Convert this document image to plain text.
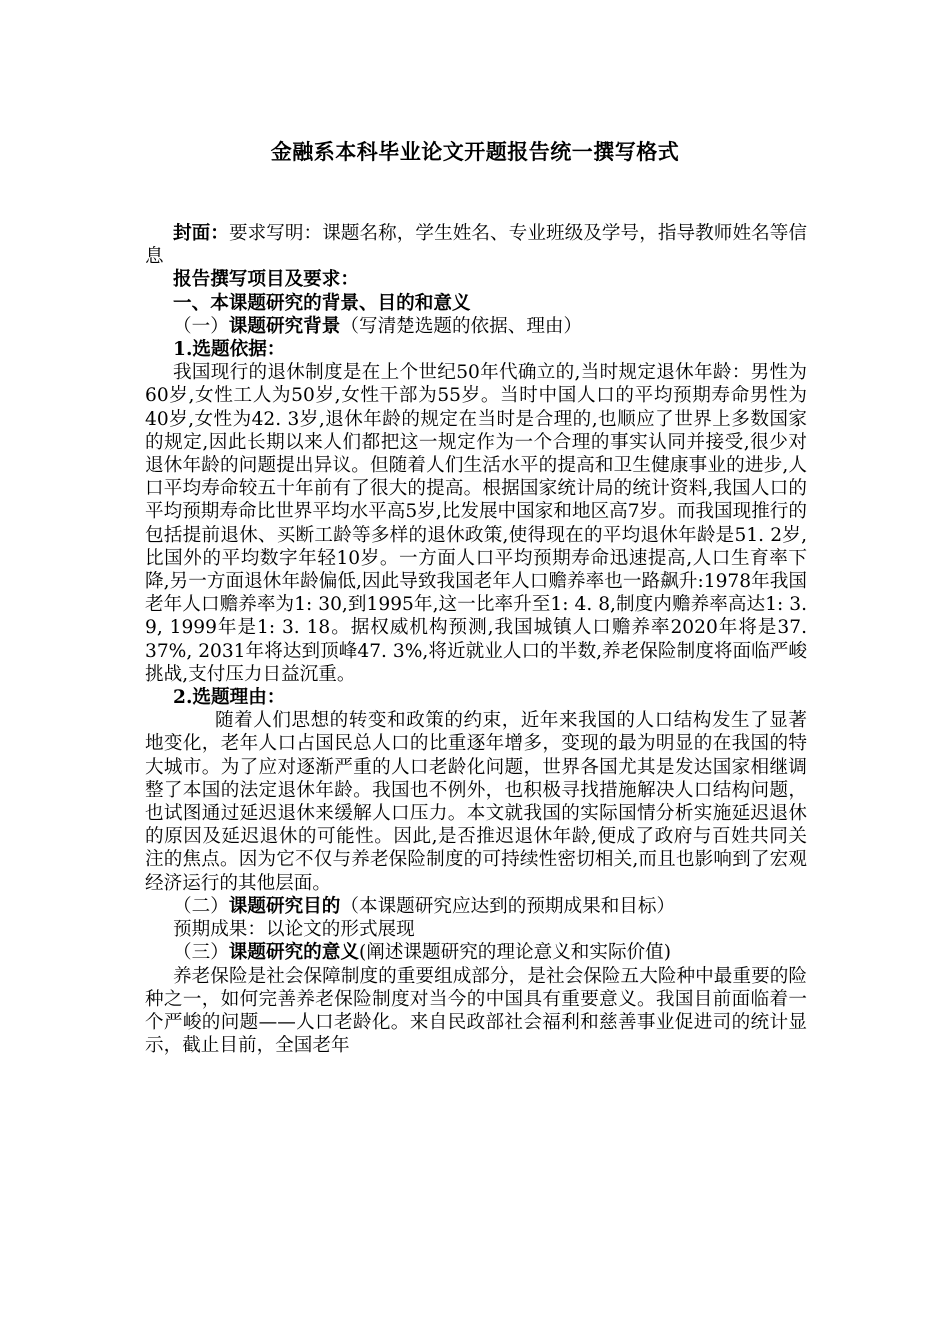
金融系本科毕业论文开题报告统一撰写格式

封面：要求写明：课题名称，学生姓名、专业班级及学号，指导教师姓名等信息

报告撰写项目及要求：

一、本课题研究的背景、目的和意义

（一）课题研究背景（写清楚选题的依据、理由）

1.选题依据：

我国现行的退休制度是在上个世纪50年代确立的,当时规定退休年龄：男性为60岁,女性工人为50岁,女性干部为55岁。当时中国人口的平均预期寿命男性为40岁,女性为42. 3岁,退休年龄的规定在当时是合理的,也顺应了世界上多数国家的规定,因此长期以来人们都把这一规定作为一个合理的事实认同并接受,很少对退休年龄的问题提出异议。但随着人们生活水平的提高和卫生健康事业的进步,人口平均寿命较五十年前有了很大的提高。根据国家统计局的统计资料,我国人口的平均预期寿命比世界平均水平高5岁,比发展中国家和地区高7岁。而我国现推行的包括提前退休、买断工龄等多样的退休政策,使得现在的平均退休年龄是51. 2岁,比国外的平均数字年轻10岁。一方面人口平均预期寿命迅速提高,人口生育率下降,另一方面退休年龄偏低,因此导致我国老年人口赡养率也一路飙升:1978年我国老年人口赡养率为1: 30,到1995年,这一比率升至1: 4. 8,制度内赡养率高达1: 3. 9, 1999年是1: 3. 18。据权威机构预测,我国城镇人口赡养率2020年将是37. 37%, 2031年将达到顶峰47. 3%,将近就业人口的半数,养老保险制度将面临严峻挑战,支付压力日益沉重。

2.选题理由：

随着人们思想的转变和政策的约束，近年来我国的人口结构发生了显著地变化，老年人口占国民总人口的比重逐年增多，变现的最为明显的在我国的特大城市。为了应对逐渐严重的人口老龄化问题，世界各国尤其是发达国家相继调整了本国的法定退休年龄。我国也不例外，也积极寻找措施解决人口结构问题，也试图通过延迟退休来缓解人口压力。本文就我国的实际国情分析实施延迟退休的原因及延迟退休的可能性。因此,是否推迟退休年龄,便成了政府与百姓共同关注的焦点。因为它不仅与养老保险制度的可持续性密切相关,而且也影响到了宏观经济运行的其他层面。

（二）课题研究目的（本课题研究应达到的预期成果和目标）

预期成果：以论文的形式展现

（三）课题研究的意义(阐述课题研究的理论意义和实际价值)

养老保险是社会保障制度的重要组成部分，是社会保险五大险种中最重要的险种之一，如何完善养老保险制度对当今的中国具有重要意义。我国目前面临着一个严峻的问题——人口老龄化。来自民政部社会福利和慈善事业促进司的统计显示，截止目前，全国老年
